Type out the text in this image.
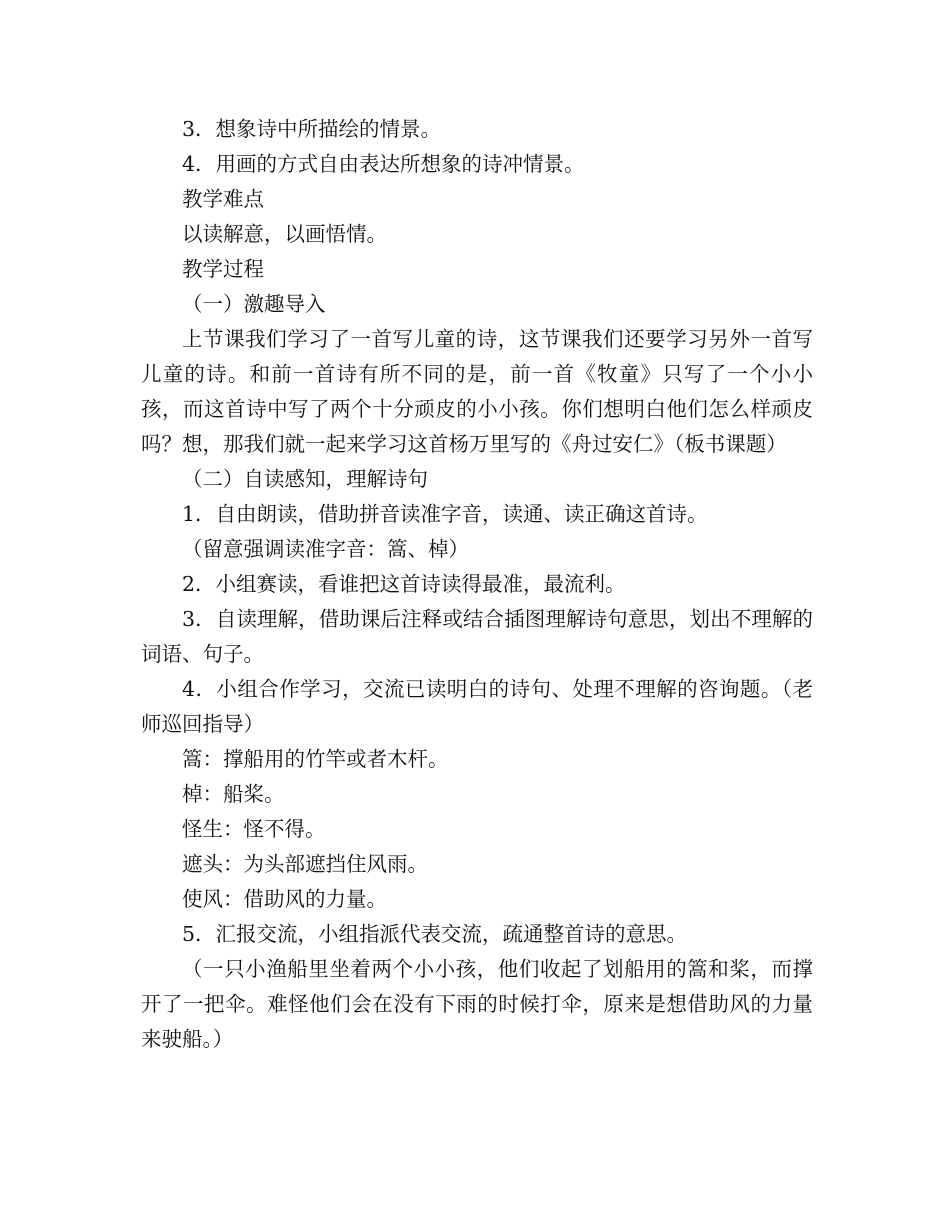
3．想象诗中所描绘的情景。

4．用画的方式自由表达所想象的诗冲情景。

教学难点

以读解意，以画悟情。

教学过程

（一）激趣导入

上节课我们学习了一首写儿童的诗，这节课我们还要学习另外一首写儿童的诗。和前一首诗有所不同的是，前一首《牧童》只写了一个小小孩，而这首诗中写了两个十分顽皮的小小孩。你们想明白他们怎么样顽皮吗？想，那我们就一起来学习这首杨万里写的《舟过安仁》（板书课题）

（二）自读感知，理解诗句

1．自由朗读，借助拼音读准字音，读通、读正确这首诗。

（留意强调读准字音：篙、棹）

2．小组赛读，看谁把这首诗读得最准，最流利。

3．自读理解，借助课后注释或结合插图理解诗句意思，划出不理解的词语、句子。

4．小组合作学习，交流已读明白的诗句、处理不理解的咨询题。（老师巡回指导）

篙：撑船用的竹竿或者木杆。

棹：船桨。

怪生：怪不得。

遮头：为头部遮挡住风雨。

使风：借助风的力量。

5．汇报交流，小组指派代表交流，疏通整首诗的意思。

（一只小渔船里坐着两个小小孩，他们收起了划船用的篙和桨，而撑开了一把伞。难怪他们会在没有下雨的时候打伞，原来是想借助风的力量来驶船。）
